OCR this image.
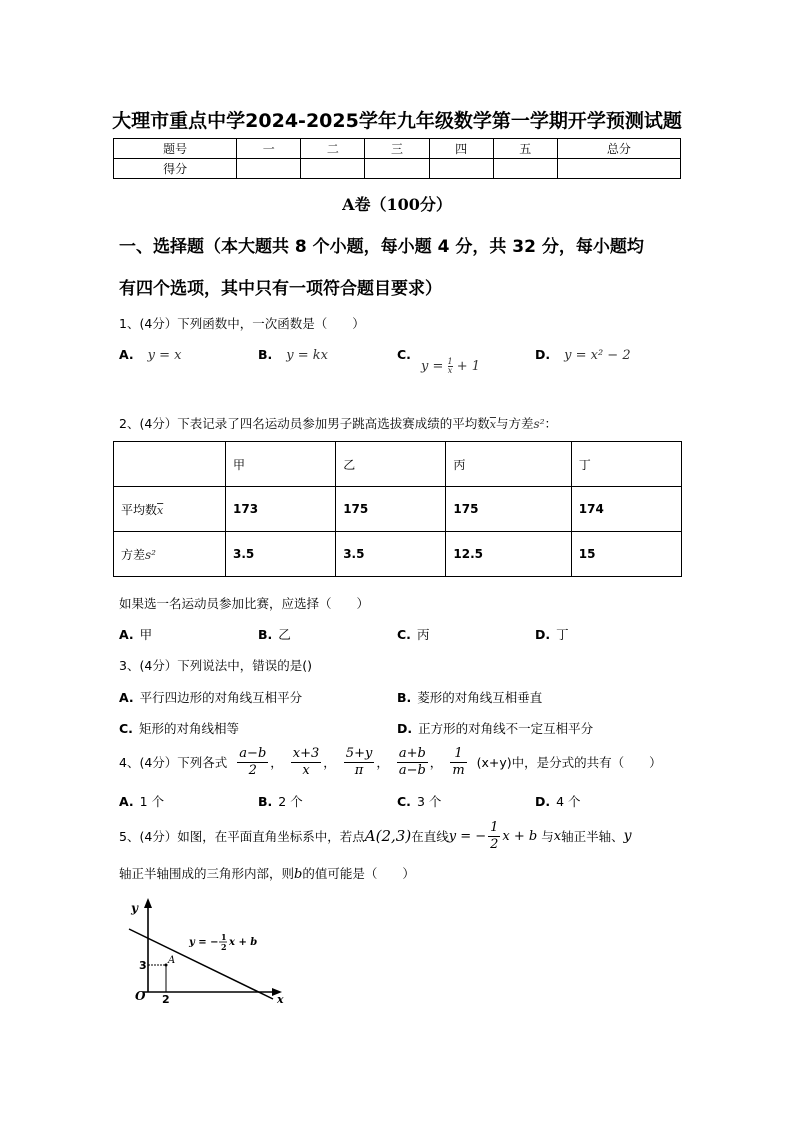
大理市重点中学2024-2025学年九年级数学第一学期开学预测试题
题号	一	二	三	四	五	总分
得分						
A卷（100分）
一、选择题（本大题共 8 个小题，每小题 4 分，共 32 分，每小题均
有四个选项，其中只有一项符合题目要求）
1、(4分）下列函数中，一次函数是（　　）
A. y = x	B. y = kx	C.
$y = \frac{1}{x} + 1$
D. y = x² − 2
2、(4分）下表记录了四名运动员参加男子跳高选拔赛成绩的平均数$\overline{x}$与方差s²：
	甲	乙	丙	丁
平均数$\overline{x}$	173	175	175	174
方差s²	3.5	3.5	12.5	15
如果选一名运动员参加比赛，应选择（　　）
A. 甲	B. 乙	C. 丙	D. 丁
3、(4分）下列说法中，错误的是()
A. 平行四边形的对角线互相平分	B. 菱形的对角线互相垂直
C. 矩形的对角线相等	D. 正方形的对角线不一定互相平分
4、(4分）下列各式 $\frac{a-b}{2}$ ， $\frac{x+3}{x}$ ， $\frac{5+y}{\pi}$ ， $\frac{a+b}{a-b}$ ， $\frac{1}{m} (x+y)$中，是分式的共有（　　）
A. 1 个	B. 2 个	C. 3 个	D. 4 个
5、(4分）如图，在平面直角坐标系中，若点 A(2,3) 在直线 y = − $\frac{1}{2}$ x + b 与 x 轴正半轴、 y
轴正半轴围成的三角形内部，则b的值可能是（　　）
y
x
O
A
3
2
y = − 1
2 x + b
